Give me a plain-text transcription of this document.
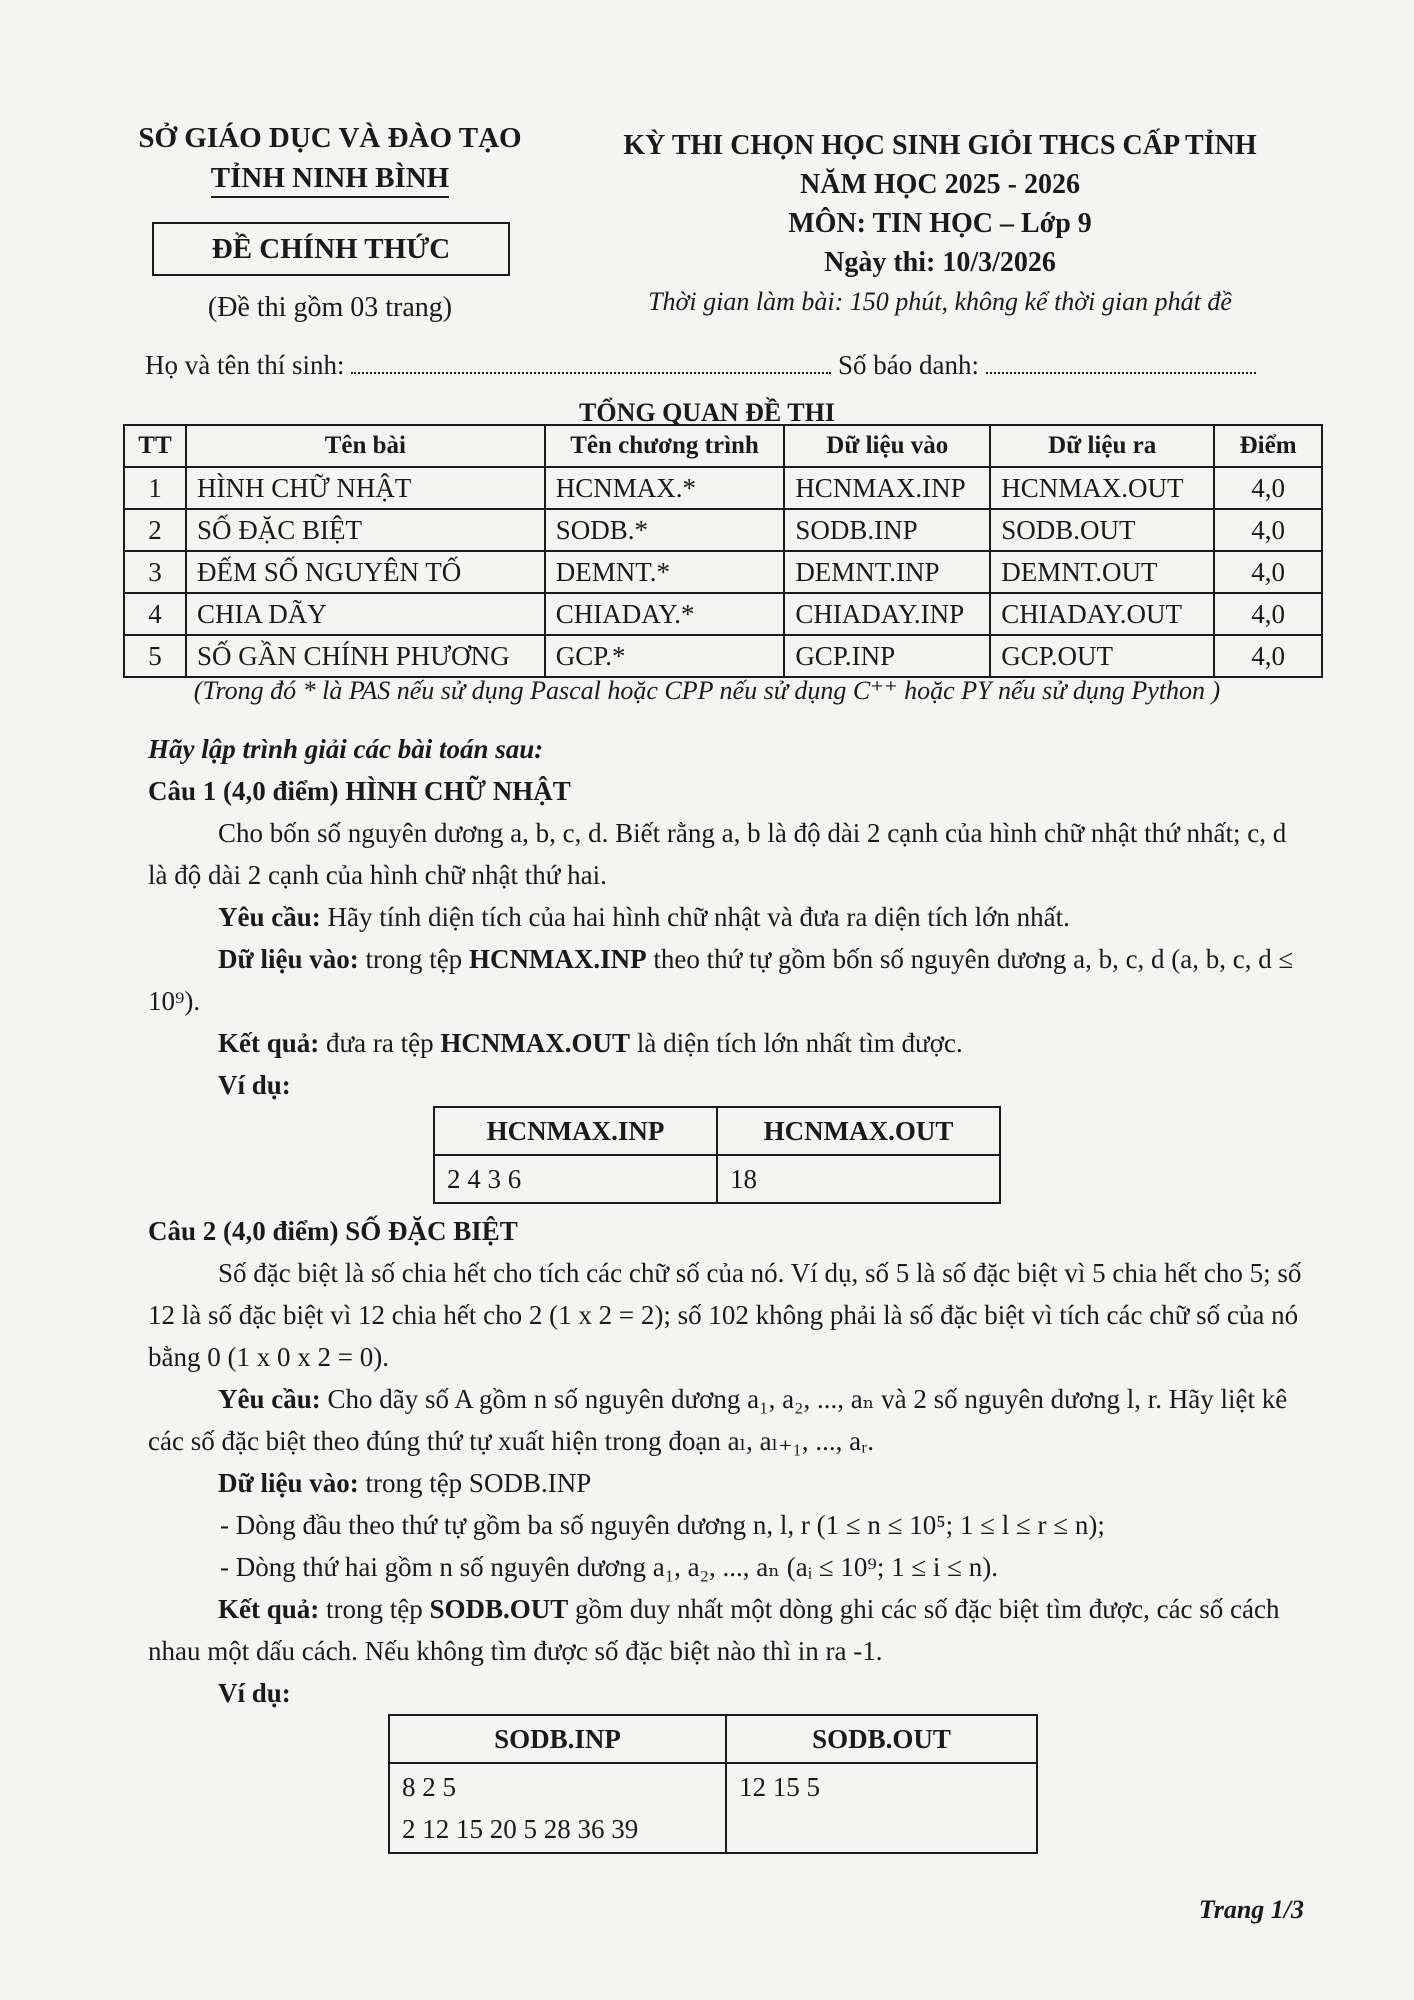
SỞ GIÁO DỤC VÀ ĐÀO TẠO
TỈNH NINH BÌNH
ĐỀ CHÍNH THỨC
(Đề thi gồm 03 trang)
KỲ THI CHỌN HỌC SINH GIỎI THCS CẤP TỈNH
NĂM HỌC 2025 - 2026
MÔN: TIN HỌC – Lớp 9
Ngày thi: 10/3/2026
Thời gian làm bài: 150 phút, không kể thời gian phát đề
Họ và tên thí sinh:	Số báo danh:
TỔNG QUAN ĐỀ THI
TT	Tên bài	Tên chương trình	Dữ liệu vào	Dữ liệu ra	Điểm
1	HÌNH CHỮ NHẬT	HCNMAX.*	HCNMAX.INP	HCNMAX.OUT	4,0
2	SỐ ĐẶC BIỆT	SODB.*	SODB.INP	SODB.OUT	4,0
3	ĐẾM SỐ NGUYÊN TỐ	DEMNT.*	DEMNT.INP	DEMNT.OUT	4,0
4	CHIA DÃY	CHIADAY.*	CHIADAY.INP	CHIADAY.OUT	4,0
5	SỐ GẦN CHÍNH PHƯƠNG	GCP.*	GCP.INP	GCP.OUT	4,0
(Trong đó * là PAS nếu sử dụng Pascal hoặc CPP nếu sử dụng C⁺⁺ hoặc PY nếu sử dụng Python )

Hãy lập trình giải các bài toán sau:

Câu 1 (4,0 điểm) HÌNH CHỮ NHẬT

Cho bốn số nguyên dương a, b, c, d. Biết rằng a, b là độ dài 2 cạnh của hình chữ nhật thứ nhất; c, d là độ dài 2 cạnh của hình chữ nhật thứ hai.

Yêu cầu: Hãy tính diện tích của hai hình chữ nhật và đưa ra diện tích lớn nhất.

Dữ liệu vào: trong tệp HCNMAX.INP theo thứ tự gồm bốn số nguyên dương a, b, c, d (a, b, c, d ≤ 10⁹).

Kết quả: đưa ra tệp HCNMAX.OUT là diện tích lớn nhất tìm được.

Ví dụ:

HCNMAX.INP	HCNMAX.OUT
2 4 3 6	18

Câu 2 (4,0 điểm) SỐ ĐẶC BIỆT

Số đặc biệt là số chia hết cho tích các chữ số của nó. Ví dụ, số 5 là số đặc biệt vì 5 chia hết cho 5; số 12 là số đặc biệt vì 12 chia hết cho 2 (1 x 2 = 2); số 102 không phải là số đặc biệt vì tích các chữ số của nó bằng 0 (1 x 0 x 2 = 0).

Yêu cầu: Cho dãy số A gồm n số nguyên dương a₁, a₂, ..., aₙ và 2 số nguyên dương l, r. Hãy liệt kê các số đặc biệt theo đúng thứ tự xuất hiện trong đoạn aₗ, aₗ₊₁, ..., aᵣ.

Dữ liệu vào: trong tệp SODB.INP

- Dòng đầu theo thứ tự gồm ba số nguyên dương n, l, r (1 ≤ n ≤ 10⁵; 1 ≤ l ≤ r ≤ n);

- Dòng thứ hai gồm n số nguyên dương a₁, a₂, ..., aₙ (aᵢ ≤ 10⁹; 1 ≤ i ≤ n).

Kết quả: trong tệp SODB.OUT gồm duy nhất một dòng ghi các số đặc biệt tìm được, các số cách nhau một dấu cách. Nếu không tìm được số đặc biệt nào thì in ra -1.

Ví dụ:

SODB.INP	SODB.OUT

8 2 5
2 12 15 20 5 28 36 39	12 15 5
Trang 1/3
